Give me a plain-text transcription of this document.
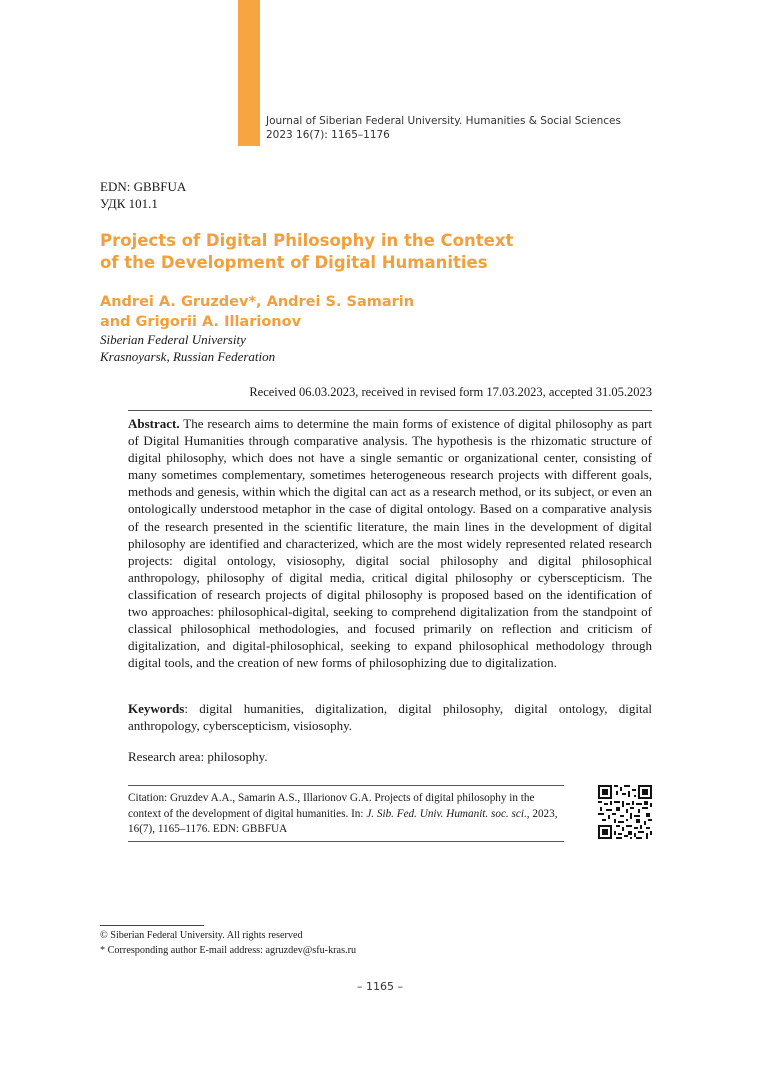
Journal of Siberian Federal University. Humanities & Social Sciences
2023 16(7): 1165–1176
EDN: GBBFUA
УДК 101.1
Projects of Digital Philosophy in the Context
of the Development of Digital Humanities
Andrei A. Gruzdev*, Andrei S. Samarin
and Grigorii A. Illarionov
Siberian Federal University
Krasnoyarsk, Russian Federation
Received 06.03.2023, received in revised form 17.03.2023, accepted 31.05.2023
Abstract. The research aims to determine the main forms of existence of digital philosophy as part of Digital Humanities through comparative analysis. The hypothesis is the rhizomatic structure of digital philosophy, which does not have a single semantic or organizational center, consisting of many sometimes complementary, sometimes heterogeneous research projects with different goals, methods and genesis, within which the digital can act as a research method, or its subject, or even an ontologically understood metaphor in the case of digital ontology. Based on a comparative analysis of the research presented in the scientific literature, the main lines in the development of digital philosophy are identified and characterized, which are the most widely represented related research projects: digital ontology, visiosophy, digital social philosophy and digital philosophical anthropology, philosophy of digital media, critical digital philosophy or cyberscepticism. The classification of research projects of digital philosophy is proposed based on the identification of two approaches: philosophical-digital, seeking to comprehend digitalization from the standpoint of classical philosophical methodologies, and focused primarily on reflection and criticism of digitalization, and digital-philosophical, seeking to expand philosophical methodology through digital tools, and the creation of new forms of philosophizing due to digitalization.
Keywords: digital humanities, digitalization, digital philosophy, digital ontology, digital anthropology, cyberscepticism, visiosophy.
Research area: philosophy.
Citation: Gruzdev A.A., Samarin A.S., Illarionov G.A. Projects of digital philosophy in the context of the development of digital humanities. In: J. Sib. Fed. Univ. Humanit. soc. sci., 2023, 16(7), 1165–1176. EDN: GBBFUA
© Siberian Federal University. All rights reserved
* Corresponding author E-mail address: agruzdev@sfu-kras.ru
– 1165 –
